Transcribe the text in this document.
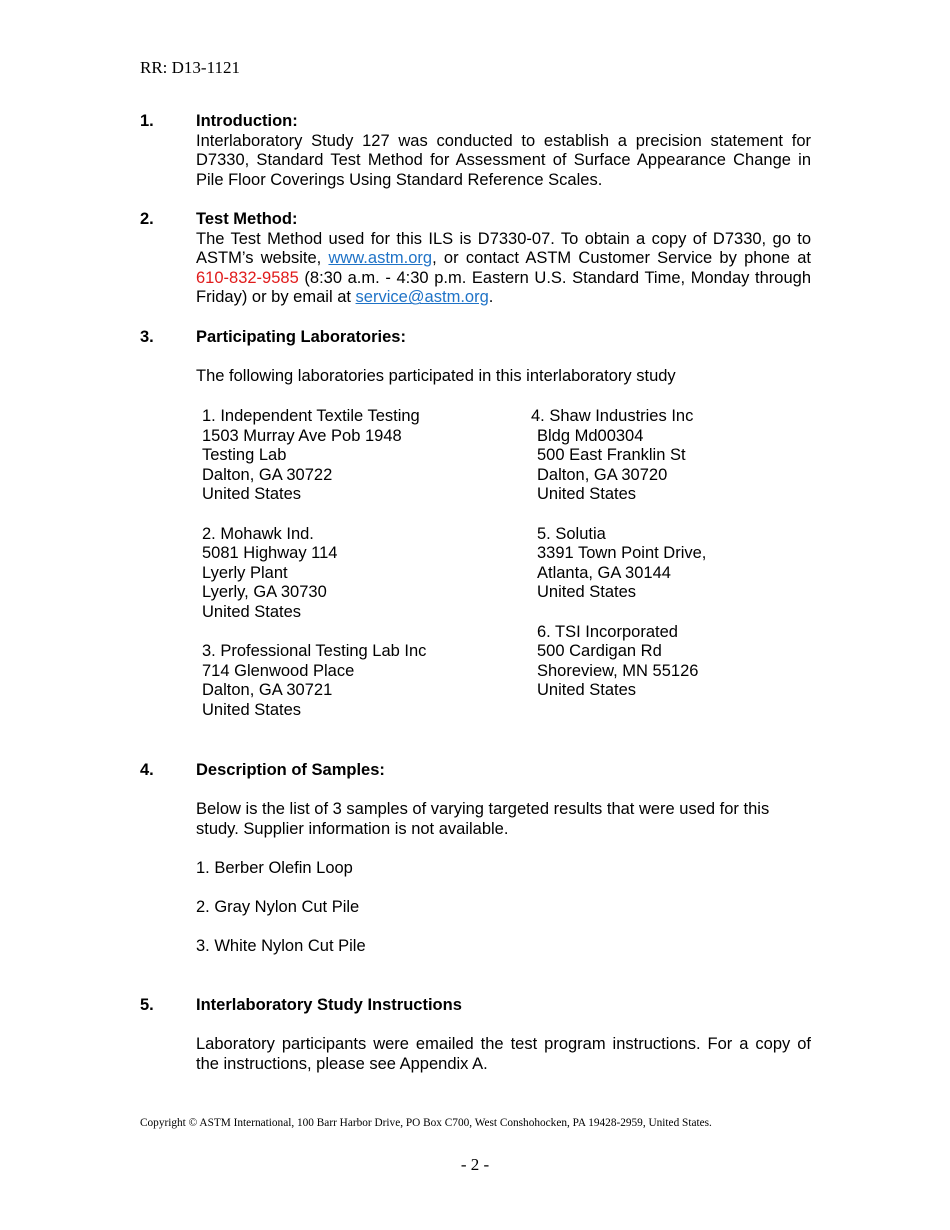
RR: D13-1121
1.	Introduction:
Interlaboratory Study 127 was conducted to establish a precision statement for D7330, Standard Test Method for Assessment of Surface Appearance Change in Pile Floor Coverings Using Standard Reference Scales.
2.	Test Method:
The Test Method used for this ILS is D7330-07. To obtain a copy of D7330, go to ASTM’s website, www.astm.org, or contact ASTM Customer Service by phone at 610-832-9585 (8:30 a.m. - 4:30 p.m. Eastern U.S. Standard Time, Monday through Friday) or by email at service@astm.org.
3.	Participating Laboratories:
The following laboratories participated in this interlaboratory study
1. Independent Textile Testing
1503 Murray Ave Pob 1948
Testing Lab
Dalton, GA 30722
United States
2. Mohawk Ind.
5081 Highway 114
Lyerly Plant
Lyerly, GA 30730
United States
3. Professional Testing Lab Inc
714 Glenwood Place
Dalton, GA 30721
United States
4. Shaw Industries Inc
Bldg Md00304
500 East Franklin St
Dalton, GA 30720
United States
5. Solutia
3391 Town Point Drive,
Atlanta, GA 30144
United States
6. TSI Incorporated
500 Cardigan Rd
Shoreview, MN 55126
United States
4.	Description of Samples:
Below is the list of 3 samples of varying targeted results that were used for this study. Supplier information is not available.
1. Berber Olefin Loop
2. Gray Nylon Cut Pile
3. White Nylon Cut Pile
5.	Interlaboratory Study Instructions
Laboratory participants were emailed the test program instructions. For a copy of the instructions, please see Appendix A.
Copyright © ASTM International, 100 Barr Harbor Drive, PO Box C700, West Conshohocken, PA 19428-2959, United States.
- 2 -
